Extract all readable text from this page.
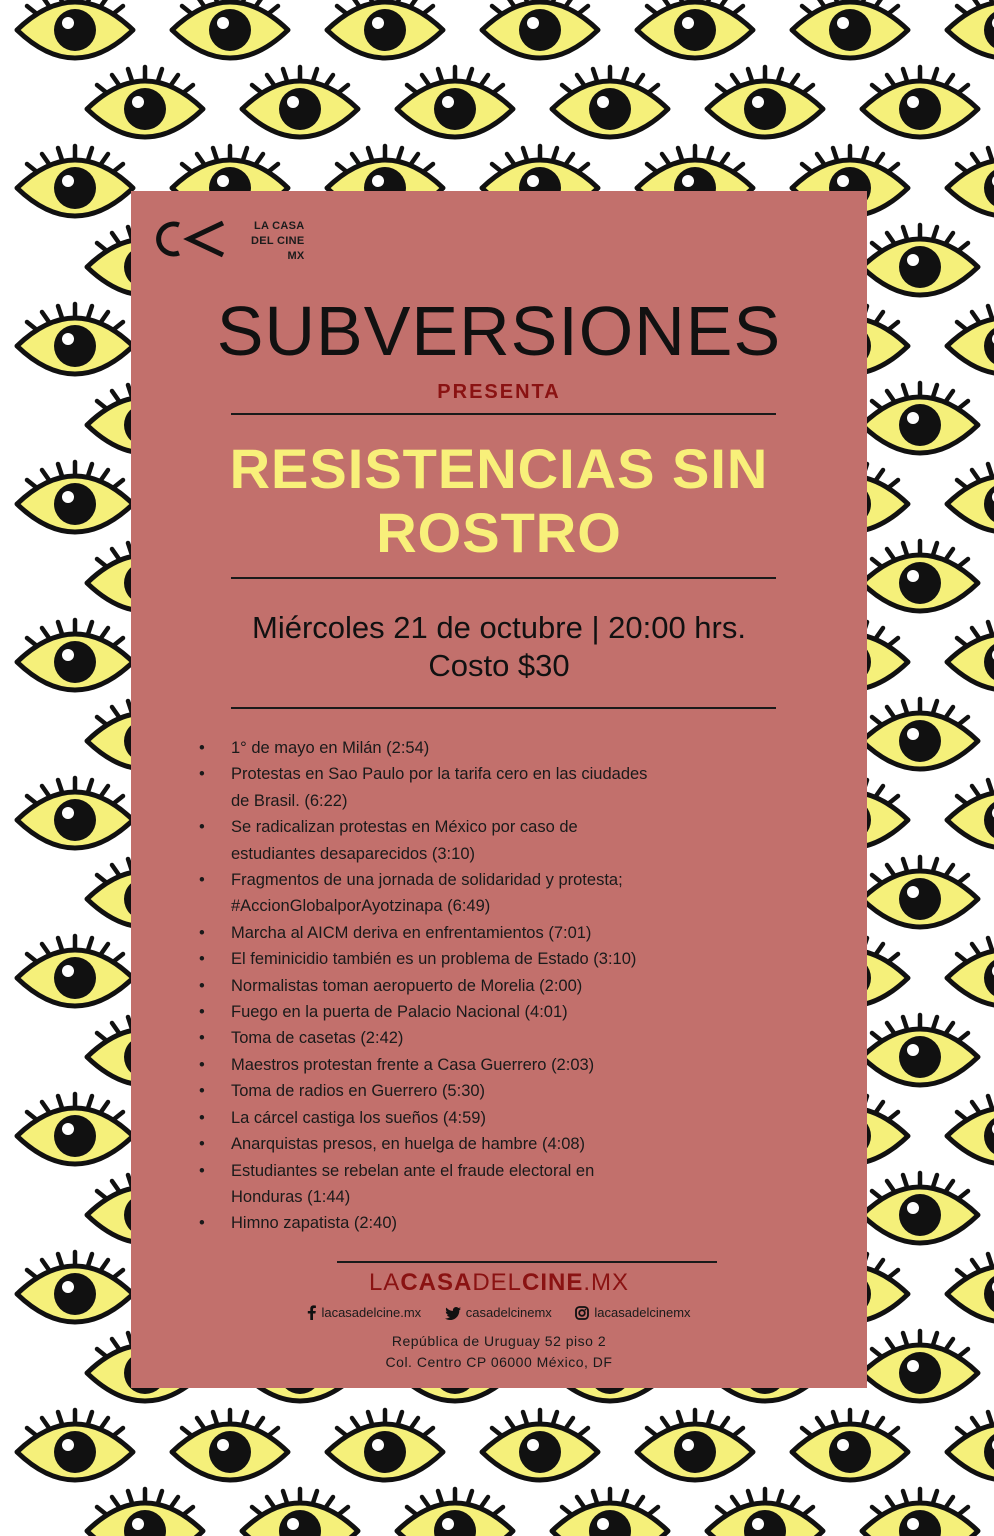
LA CASA
DEL CINE
MX
SUBVERSIONES
PRESENTA
RESISTENCIAS SIN
ROSTRO
Miércoles 21 de octubre | 20:00 hrs.
Costo $30
• 1° de mayo en Milán (2:54)
• Protestas en Sao Paulo por la tarifa cero en las ciudades
de Brasil. (6:22)
• Se radicalizan protestas en México por caso de
estudiantes desaparecidos (3:10)
• Fragmentos de una jornada de solidaridad y protesta;
#AccionGlobalporAyotzinapa (6:49)
• Marcha al AICM deriva en enfrentamientos (7:01)
• El feminicidio también es un problema de Estado (3:10)
• Normalistas toman aeropuerto de Morelia (2:00)
• Fuego en la puerta de Palacio Nacional (4:01)
• Toma de casetas (2:42)
• Maestros protestan frente a Casa Guerrero (2:03)
• Toma de radios en Guerrero (5:30)
• La cárcel castiga los sueños (4:59)
• Anarquistas presos, en huelga de hambre (4:08)
• Estudiantes se rebelan ante el fraude electoral en
Honduras (1:44)
• Himno zapatista (2:40)
LACASADELCINE.MX
lacasadelcine.mx	casadelcinemx	lacasadelcinemx
República de Uruguay 52 piso 2
Col. Centro CP 06000 México, DF
